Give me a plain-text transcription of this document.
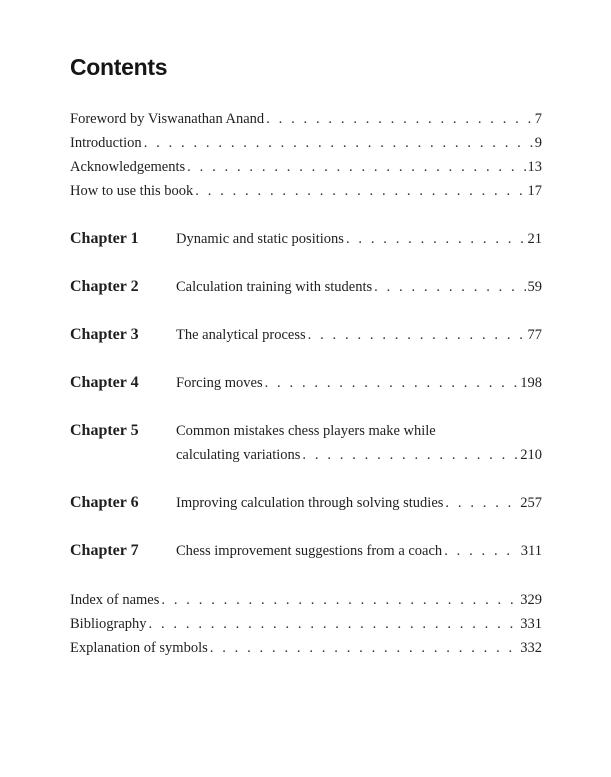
Contents
Foreword by Viswanathan Anand . . .	7
Introduction . . .	9
Acknowledgements . . .	13
How to use this book . . .	17
Chapter 1	Dynamic and static positions . . .	21
Chapter 2	Calculation training with students . . .	59
Chapter 3	The analytical process . . .	77
Chapter 4	Forcing moves . . .	198
Chapter 5	Common mistakes chess players make while
calculating variations . . .	210
Chapter 6	Improving calculation through solving studies . . .	257
Chapter 7	Chess improvement suggestions from a coach . . .	311
Index of names . . .	329
Bibliography . . .	331
Explanation of symbols . . .	332
